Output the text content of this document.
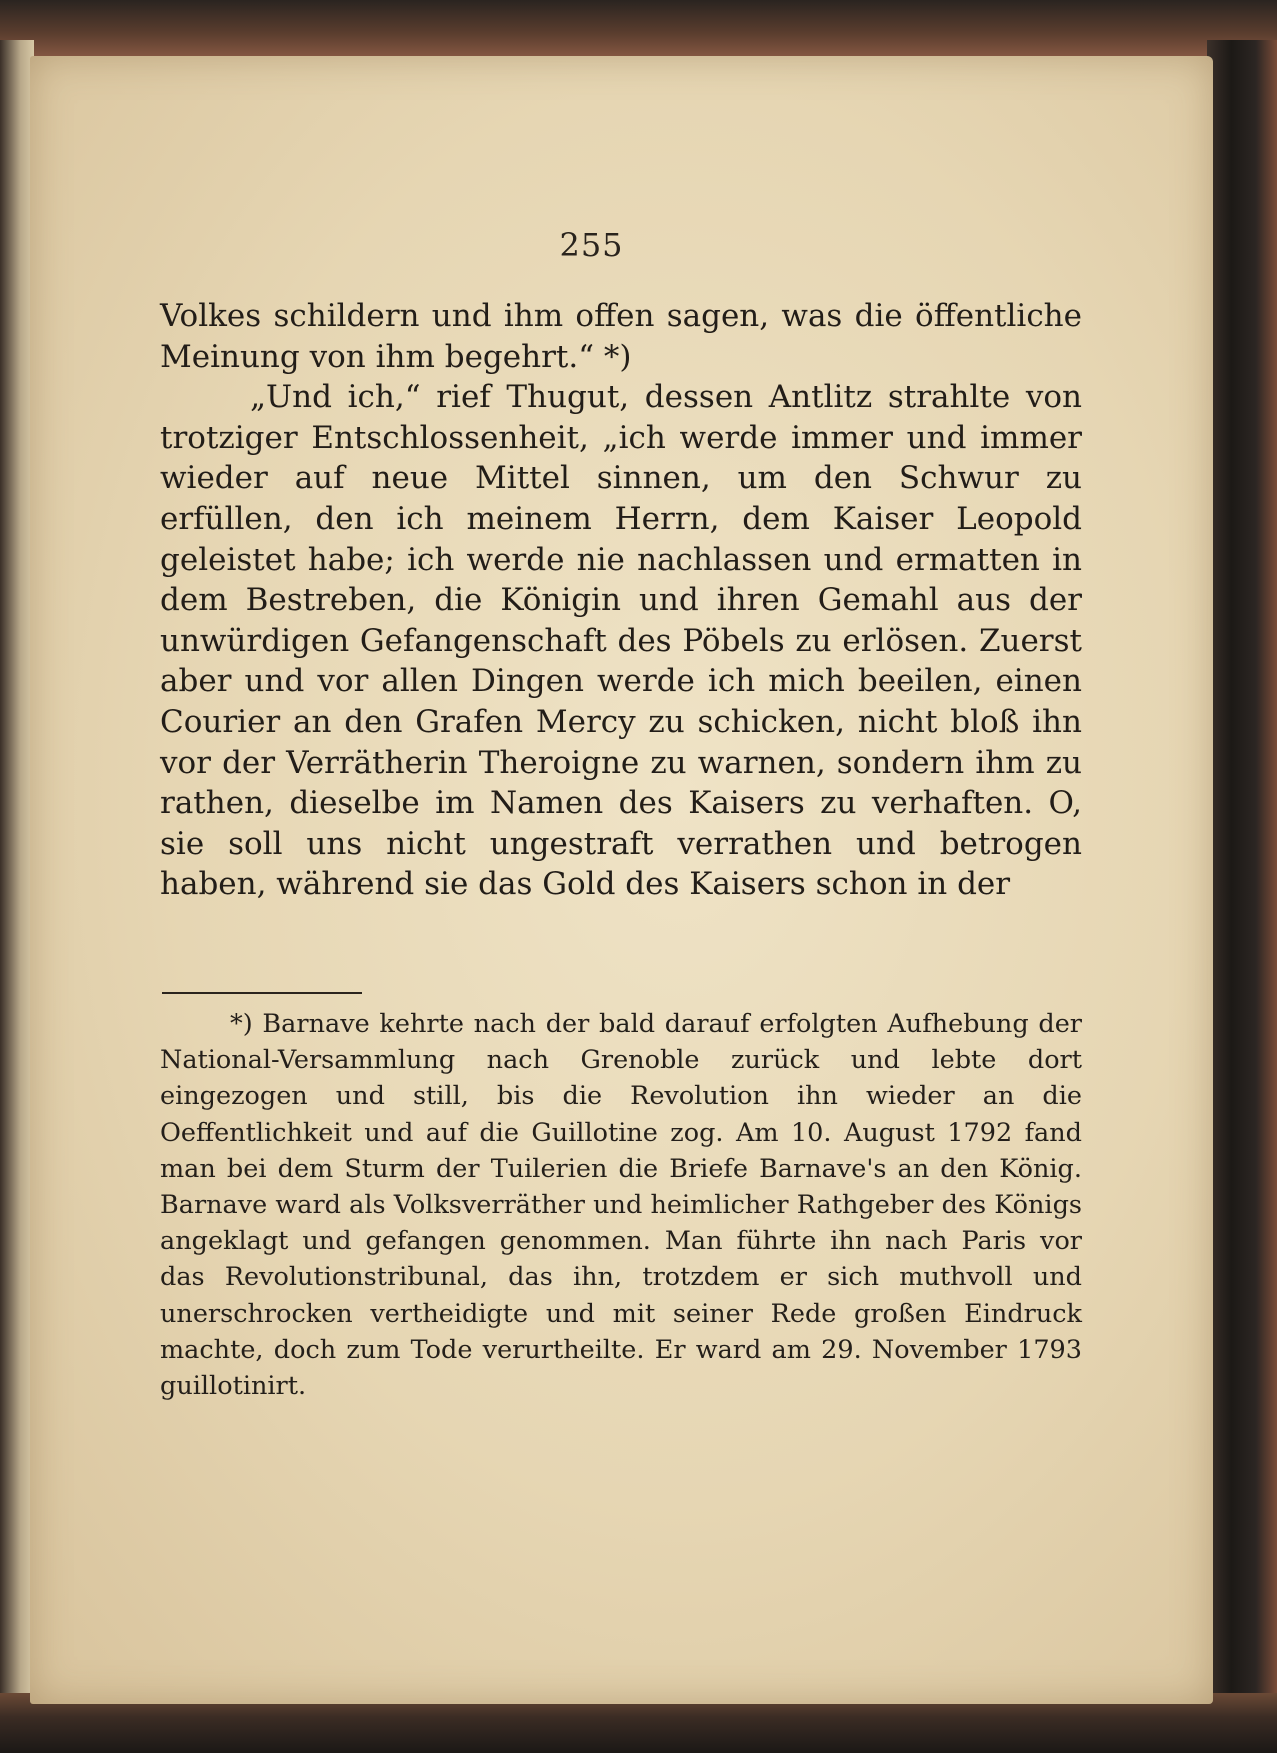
255

Volkes schildern und ihm offen sagen, was die öffentliche Meinung von ihm begehrt.“ *)

„Und ich,“ rief Thugut, dessen Antlitz strahlte von trotziger Entschlossenheit, „ich werde immer und immer wieder auf neue Mittel sinnen, um den Schwur zu erfüllen, den ich meinem Herrn, dem Kaiser Leopold geleistet habe; ich werde nie nachlassen und ermatten in dem Bestreben, die Königin und ihren Gemahl aus der unwürdigen Gefangenschaft des Pöbels zu erlösen. Zuerst aber und vor allen Dingen werde ich mich beeilen, einen Courier an den Grafen Mercy zu schicken, nicht bloß ihn vor der Verrätherin Theroigne zu warnen, sondern ihm zu rathen, dieselbe im Namen des Kaisers zu verhaften. O, sie soll uns nicht ungestraft verrathen und betrogen haben, während sie das Gold des Kaisers schon in der

*) Barnave kehrte nach der bald darauf erfolgten Aufhebung der National-Versammlung nach Grenoble zurück und lebte dort eingezogen und still, bis die Revolution ihn wieder an die Oeffentlichkeit und auf die Guillotine zog. Am 10. August 1792 fand man bei dem Sturm der Tuilerien die Briefe Barnave's an den König. Barnave ward als Volksverräther und heimlicher Rathgeber des Königs angeklagt und gefangen genommen. Man führte ihn nach Paris vor das Revolutionstribunal, das ihn, trotzdem er sich muthvoll und unerschrocken vertheidigte und mit seiner Rede großen Eindruck machte, doch zum Tode verurtheilte. Er ward am 29. November 1793 guillotinirt.
